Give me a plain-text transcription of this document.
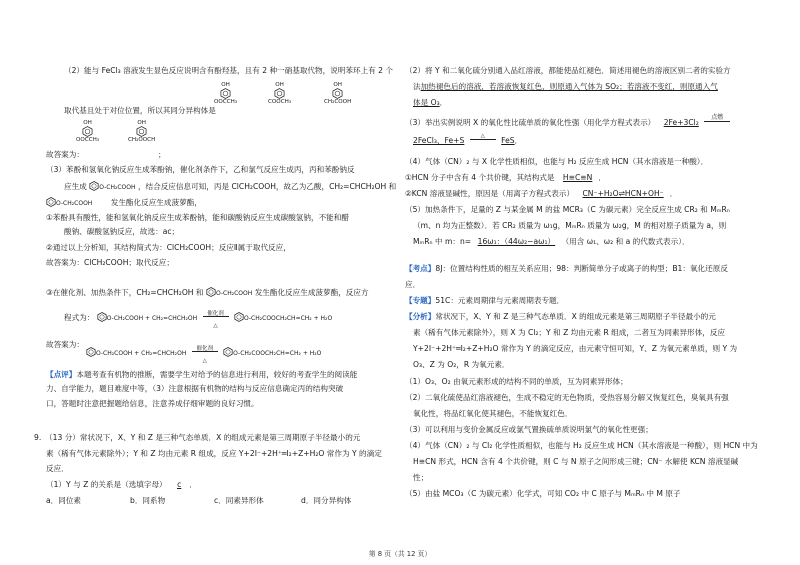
（2）能与 FeCl₃ 溶液发生显色反应说明含有酚羟基，且有 2 种一硝基取代物，说明苯环上有 2 个
取代基且处于对位位置，所以其同分异构体是
OH
OOCCH₃
OH
COOCH₃
OH
CH₂COOH
OH
OOCCH₃
OH
CH₂OOCH
故答案为：	；
（3）苯酚和氢氧化钠反应生成苯酚钠，催化剂条件下，乙和氯气反应生成丙，丙和苯酚钠反
应生成 O-CH₂COOH ，结合反应信息可知，丙是 ClCH₂COOH，故乙为乙酸，CH₂=CHCH₂OH 和
O-CH₂COOH 发生酯化反应生成菠萝酯，
①苯酚具有酸性，能和氢氧化钠反应生成苯酚钠，能和碳酸钠反应生成碳酸氢钠，不能和醋
酸钠、碳酸氢钠反应，故选：ac；
②通过以上分析知，其结构简式为：ClCH₂COOH；反应Ⅱ属于取代反应，
故答案为：ClCH₂COOH；取代反应；
③在催化剂、加热条件下，CH₂=CHCH₂OH 和 O-CH₂COOH 发生酯化反应生成菠萝酯，反应方
程式为： O-CH₂COOH + CH₂=CHCH₂OH
催化剂
△
O-CH₂COOCH₂CH=CH₂ + H₂O
故答案为：
O-CH₂COOH + CH₂=CHCH₂OH
催化剂
△
O-CH₂COOCH₂CH=CH₂ + H₂O
【点评】本题考查有机物的推断，需要学生对给予的信息进行利用，较好的考查学生的阅读能
力、自学能力，题目难度中等，（3）注意根据有机物的结构与反应信息确定丙的结构突破
口，答题时注意把握题给信息，注意养成仔细审题的良好习惯。
9.　（13 分）常状况下，X、Y 和 Z 是三种气态单质．X 的组成元素是第三周期原子半径最小的元
素（稀有气体元素除外）；Y 和 Z 均由元素 R 组成，反应 Y+2I⁻+2H⁺═I₂+Z+H₂O 常作为 Y 的滴定
反应．
（1）Y 与 Z 的关系是（选填字母） c ．
a．同位素	b．同系物	c．同素异形体	d．同分异构体
（2）将 Y 和二氧化硫分别通入品红溶液，都能使品红褪色．简述用褪色的溶液区别二者的实验方
法加热褪色后的溶液，若溶液恢复红色，则原通入气体为 SO₂；若溶液不变红，则原通入气
体是 O₃．
（3）举出实例说明 X 的氧化性比硫单质的氧化性强（用化学方程式表示） 2Fe+3Cl₂
点燃
2FeCl₃、Fe+S	△	FeS．
（4）气体（CN）₂ 与 X 化学性质相似，也能与 H₂ 反应生成 HCN（其水溶液是一种酸）．
①HCN 分子中含有 4 个共价键，其结构式是 H≡C≡N ．
②KCN 溶液显碱性，原因是（用离子方程式表示） CN⁻+H₂O⇌HCN+OH⁻ ．
（5）加热条件下，足量的 Z 与某金属 M 的盐 MCR₃（C 为碳元素）完全反应生成 CR₂ 和 MₘRₙ
（m、n 均为正整数）．若 CR₂ 质量为 ω₁g，MₘRₙ 质量为 ω₂g，M 的相对原子质量为 a，则
MₘRₙ 中 m：n= 16ω₁：（44ω₂−aω₁） （用含 ω₁、ω₂ 和 a 的代数式表示）．
【考点】8J：位置结构性质的相互关系应用；98：判断简单分子或离子的构型；B1：氧化还原反
应．
【专题】51C：元素周期律与元素周期表专题．
【分析】常状况下，X、Y 和 Z 是三种气态单质．X 的组成元素是第三周期原子半径最小的元
素（稀有气体元素除外），则 X 为 Cl₂；Y 和 Z 均由元素 R 组成，二者互为同素异形体，反应
Y+2I⁻+2H⁺═I₂+Z+H₂O 常作为 Y 的滴定反应，由元素守恒可知，Y、Z 为氧元素单质，则 Y 为
O₃、Z 为 O₂，R 为氧元素．
（1）O₃、O₂ 由氧元素形成的结构不同的单质，互为同素异形体；
（2）二氧化硫使品红溶液褪色，生成不稳定的无色物质，受热容易分解又恢复红色，臭氧具有强
氧化性，将品红氧化使其褪色，不能恢复红色．
（3）可以利用与变价金属反应或氯气置换硫单质说明氯气的氧化性更强；
（4）气体（CN）₂ 与 Cl₂ 化学性质相似，也能与 H₂ 反应生成 HCN（其水溶液是一种酸），则 HCN 中为
H≡CN 形式，HCN 含有 4 个共价键，则 C 与 N 原子之间形成三键；CN⁻ 水解使 KCN 溶液显碱
性；
（5）由盐 MCO₃（C 为碳元素）化学式，可知 CO₂ 中 C 原子与 MₘRₙ 中 M 原子
第 8 页（共 12 页）
